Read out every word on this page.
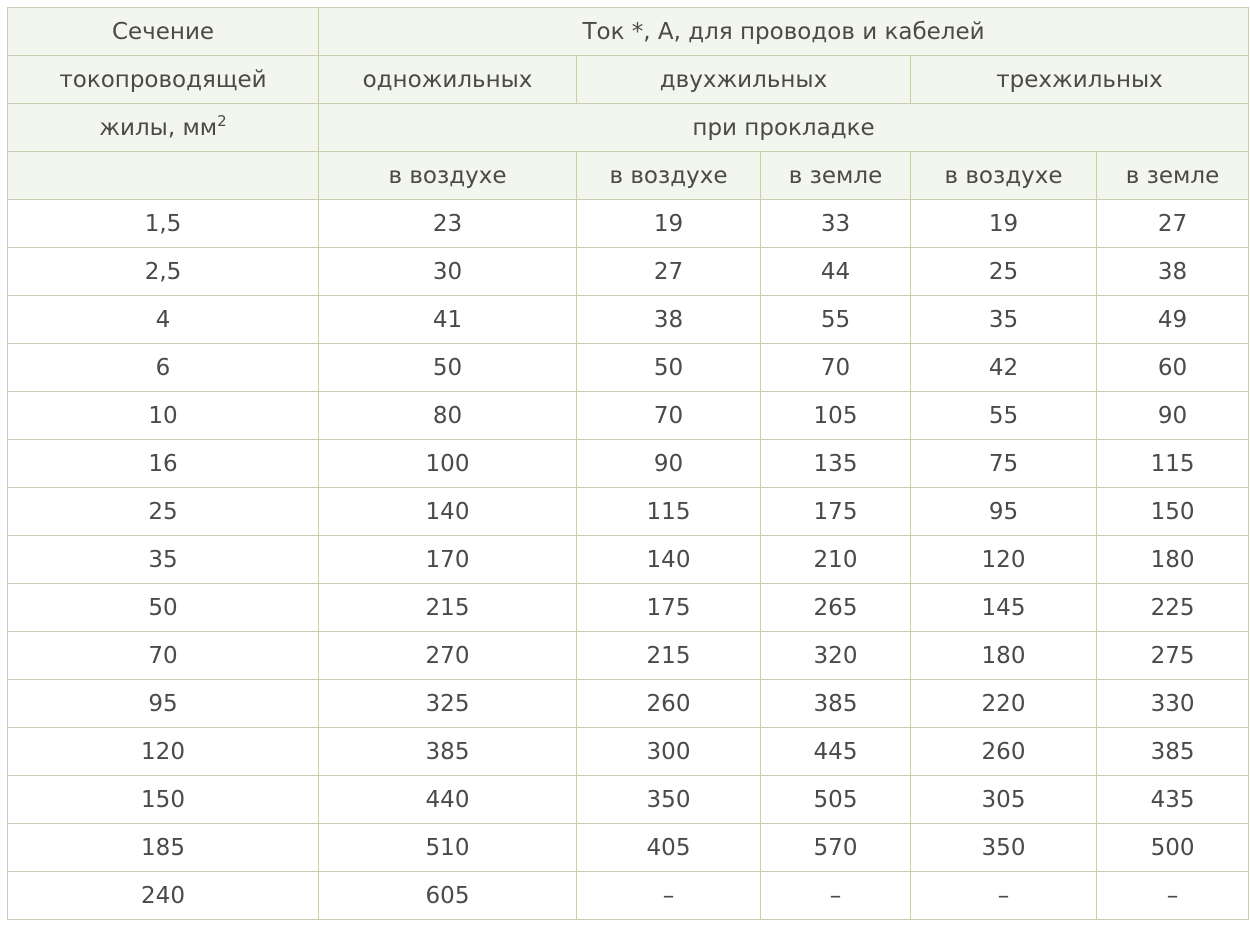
Сечение	Ток *, А, для проводов и кабелей				
токопроводящей	одножильных	двухжильных		трехжильных	
жилы, $мм^2$	при прокладке				
	в воздухе	в воздухе	в земле	в воздухе	в земле
1,5	23	19	33	19	27
2,5	30	27	44	25	38
4	41	38	55	35	49
6	50	50	70	42	60
10	80	70	105	55	90
16	100	90	135	75	115
25	140	115	175	95	150
35	170	140	210	120	180
50	215	175	265	145	225
70	270	215	320	180	275
95	325	260	385	220	330
120	385	300	445	260	385
150	440	350	505	305	435
185	510	405	570	350	500
240	605	–	–	–	–
